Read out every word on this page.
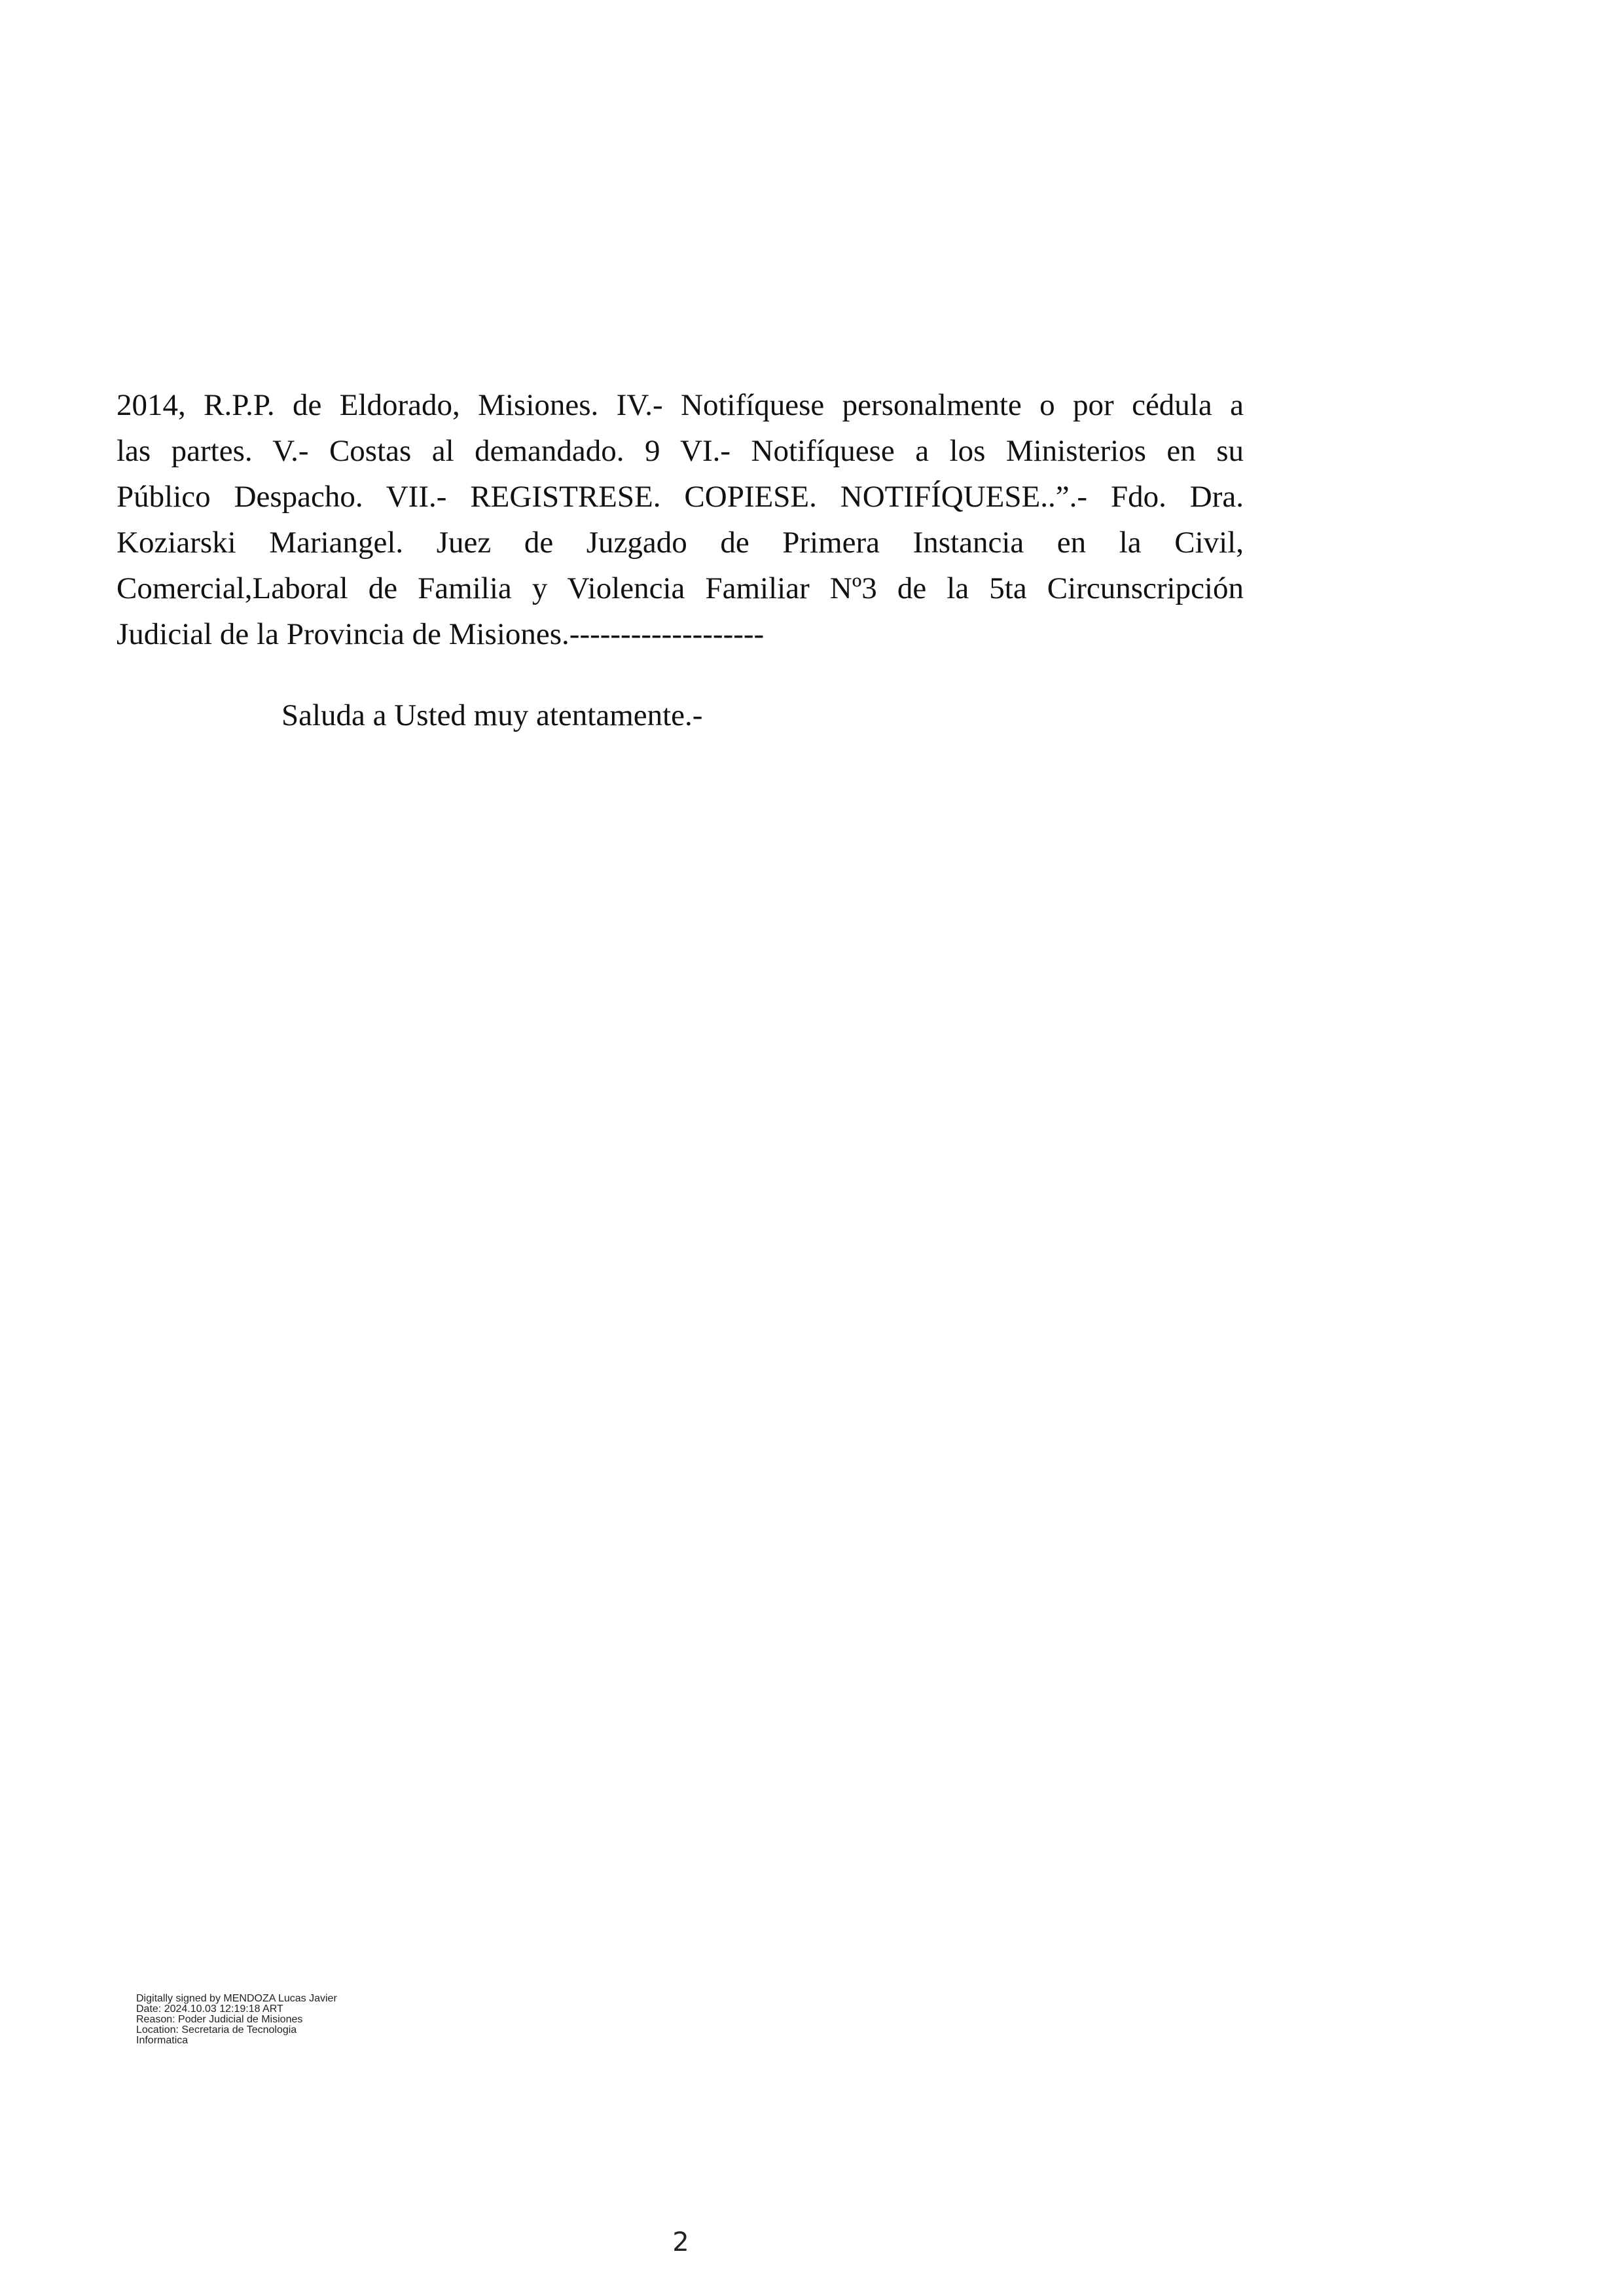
2014, R.P.P. de Eldorado, Misiones. IV.- Notifíquese personalmente o por cédula a
las partes. V.- Costas al demandado. 9 VI.- Notifíquese a los Ministerios en su
Público Despacho. VII.- REGISTRESE. COPIESE. NOTIFÍQUESE..”.- Fdo. Dra.
Koziarski Mariangel. Juez de Juzgado de Primera Instancia en la Civil,
Comercial,Laboral de Familia y Violencia Familiar Nº3 de la 5ta Circunscripción
Judicial de la Provincia de Misiones.-------------------

Saluda a Usted muy atentamente.-

Digitally signed by MENDOZA Lucas Javier
Date: 2024.10.03 12:19:18 ART
Reason: Poder Judicial de Misiones
Location: Secretaria de Tecnologia
Informatica
2
